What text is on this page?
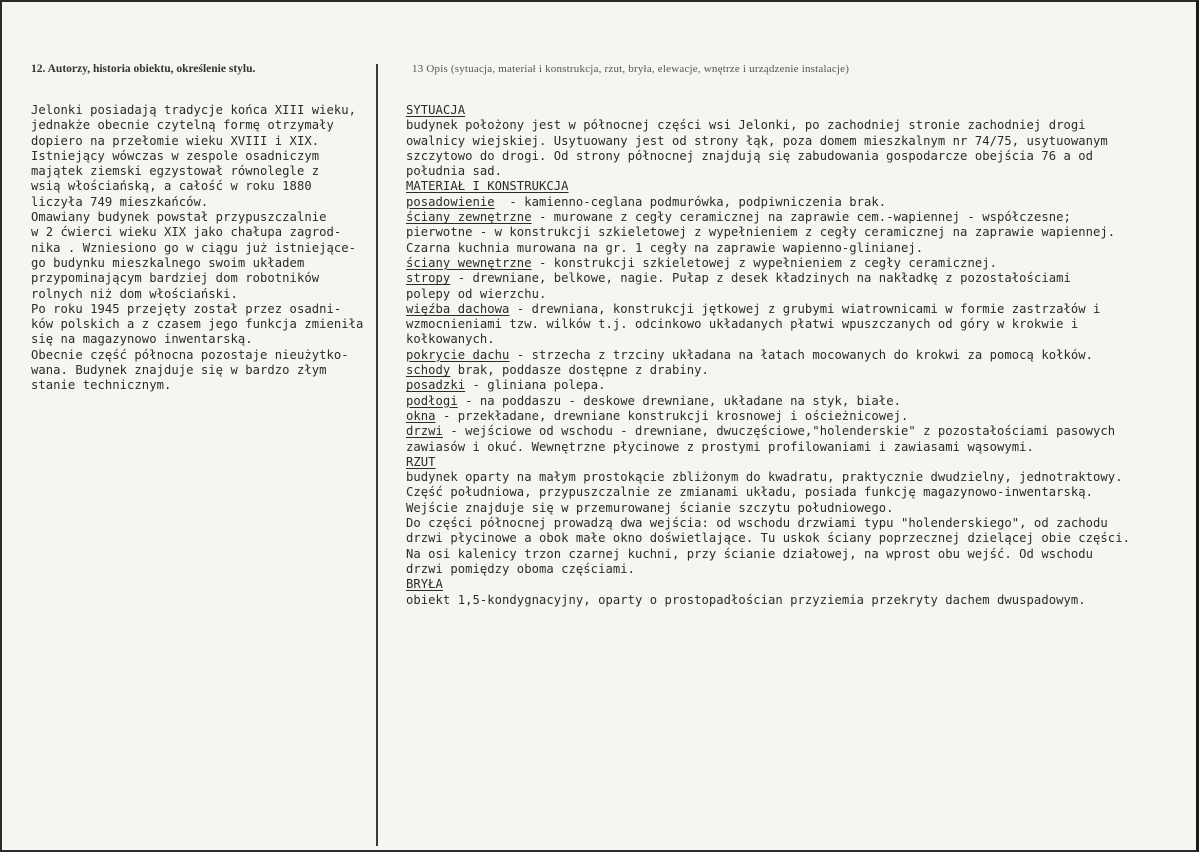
12. Autorzy, historia obiektu, określenie stylu.	13 Opis (sytuacja, materiał i konstrukcja, rzut, bryła, elewacje, wnętrze i urządzenie instalacje)
Jelonki posiadają tradycje końca XIII wieku,
jednakże obecnie czytelną formę otrzymały
dopiero na przełomie wieku XVIII i XIX.
Istniejący wówczas w zespole osadniczym
majątek ziemski egzystował równolegle z
wsią włościańską, a całość w roku 1880
liczyła 749 mieszkańców.
Omawiany budynek powstał przypuszczalnie
w 2 ćwierci wieku XIX jako chałupa zagrod-
nika . Wzniesiono go w ciągu już istniejące-
go budynku mieszkalnego swoim układem
przypominającym bardziej dom robotników
rolnych niż dom włościański.
Po roku 1945 przejęty został przez osadni-
ków polskich a z czasem jego funkcja zmieniła
się na magazynowo inwentarską.
Obecnie część północna pozostaje nieużytko-
wana. Budynek znajduje się w bardzo złym
stanie technicznym.
SYTUACJA
budynek położony jest w północnej części wsi Jelonki, po zachodniej stronie zachodniej drogi
owalnicy wiejskiej. Usytuowany jest od strony łąk, poza domem mieszkalnym nr 74/75, usytuowanym
szczytowo do drogi. Od strony północnej znajdują się zabudowania gospodarcze obejścia 76 a od
południa sad.
MATERIAŁ I KONSTRUKCJA
posadowienie  - kamienno-ceglana podmurówka, podpiwniczenia brak.
ściany zewnętrzne - murowane z cegły ceramicznej na zaprawie cem.-wapiennej - współczesne;
pierwotne - w konstrukcji szkieletowej z wypełnieniem z cegły ceramicznej na zaprawie wapiennej.
Czarna kuchnia murowana na gr. 1 cegły na zaprawie wapienno-glinianej.
ściany wewnętrzne - konstrukcji szkieletowej z wypełnieniem z cegły ceramicznej.
stropy - drewniane, belkowe, nagie. Pułap z desek kładzinych na nakładkę z pozostałościami
polepy od wierzchu.
więźba dachowa - drewniana, konstrukcji jętkowej z grubymi wiatrownicami w formie zastrzałów i
wzmocnieniami tzw. wilków t.j. odcinkowo układanych płatwi wpuszczanych od góry w krokwie i
kołkowanych.
pokrycie dachu - strzecha z trzciny układana na łatach mocowanych do krokwi za pomocą kołków.
schody brak, poddasze dostępne z drabiny.
posadzki - gliniana polepa.
podłogi - na poddaszu - deskowe drewniane, układane na styk, białe.
okna - przekładane, drewniane konstrukcji krosnowej i ościeżnicowej.
drzwi - wejściowe od wschodu - drewniane, dwuczęściowe,"holenderskie" z pozostałościami pasowych
zawiasów i okuć. Wewnętrzne płycinowe z prostymi profilowaniami i zawiasami wąsowymi.
RZUT
budynek oparty na małym prostokącie zbliżonym do kwadratu, praktycznie dwudzielny, jednotraktowy.
Część południowa, przypuszczalnie ze zmianami układu, posiada funkcję magazynowo-inwentarską.
Wejście znajduje się w przemurowanej ścianie szczytu południowego.
Do części północnej prowadzą dwa wejścia: od wschodu drzwiami typu "holenderskiego", od zachodu
drzwi płycinowe a obok małe okno doświetlające. Tu uskok ściany poprzecznej dzielącej obie części.
Na osi kalenicy trzon czarnej kuchni, przy ścianie działowej, na wprost obu wejść. Od wschodu
drzwi pomiędzy oboma częściami.
BRYŁA
obiekt 1,5-kondygnacyjny, oparty o prostopadłościan przyziemia przekryty dachem dwuspadowym.
